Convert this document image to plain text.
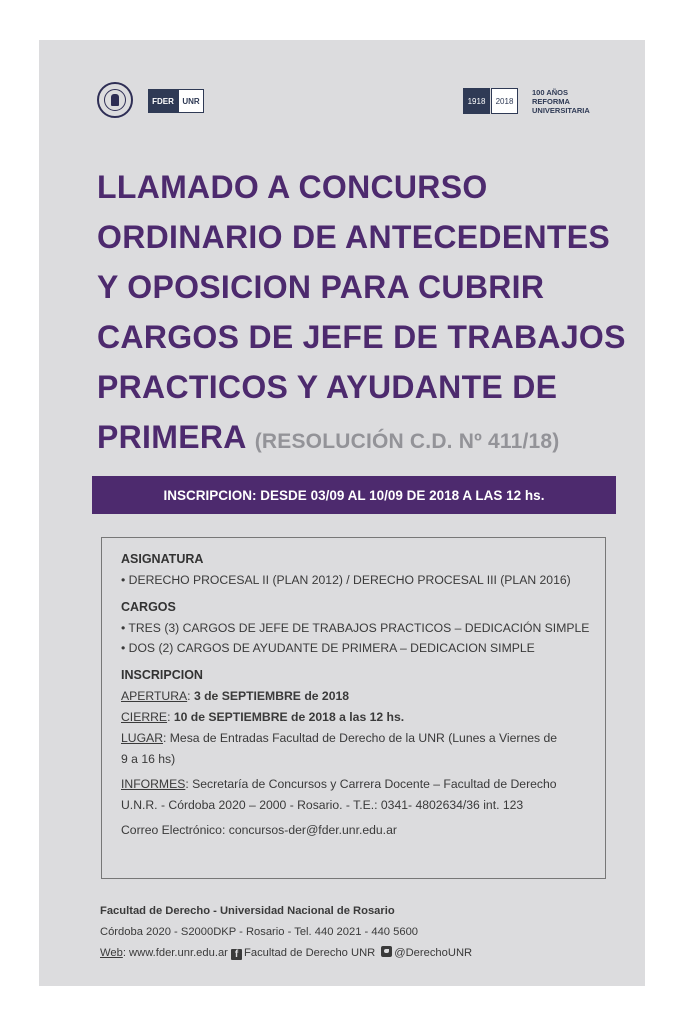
FDER	UNR	1918	2018
100 AÑOS
REFORMA
UNIVERSITARIA
LLAMADO A CONCURSO
ORDINARIO DE ANTECEDENTES
Y OPOSICION PARA CUBRIR
CARGOS DE JEFE DE TRABAJOS
PRACTICOS Y AYUDANTE DE
PRIMERA (RESOLUCIÓN C.D. Nº 411/18)
INSCRIPCION: DESDE 03/09 AL 10/09 DE 2018 A LAS 12 hs.
ASIGNATURA
• DERECHO PROCESAL II (PLAN 2012) / DERECHO PROCESAL III (PLAN 2016)
CARGOS
• TRES (3) CARGOS DE JEFE DE TRABAJOS PRACTICOS – DEDICACIÓN SIMPLE
• DOS (2) CARGOS DE AYUDANTE DE PRIMERA – DEDICACION SIMPLE
INSCRIPCION
APERTURA: 3 de SEPTIEMBRE de 2018
CIERRE: 10 de SEPTIEMBRE de 2018 a las 12 hs.
LUGAR: Mesa de Entradas Facultad de Derecho de la UNR (Lunes a Viernes de
9 a 16 hs)
INFORMES: Secretaría de Concursos y Carrera Docente – Facultad de Derecho
U.N.R. - Córdoba 2020 – 2000 - Rosario. - T.E.: 0341- 4802634/36 int. 123
Correo Electrónico: concursos-der@fder.unr.edu.ar
Facultad de Derecho - Universidad Nacional de Rosario
Córdoba 2020 - S2000DKP - Rosario - Tel. 440 2021 - 440 5600
Web: www.fder.unr.edu.ar f Facultad de Derecho UNR @DerechoUNR
